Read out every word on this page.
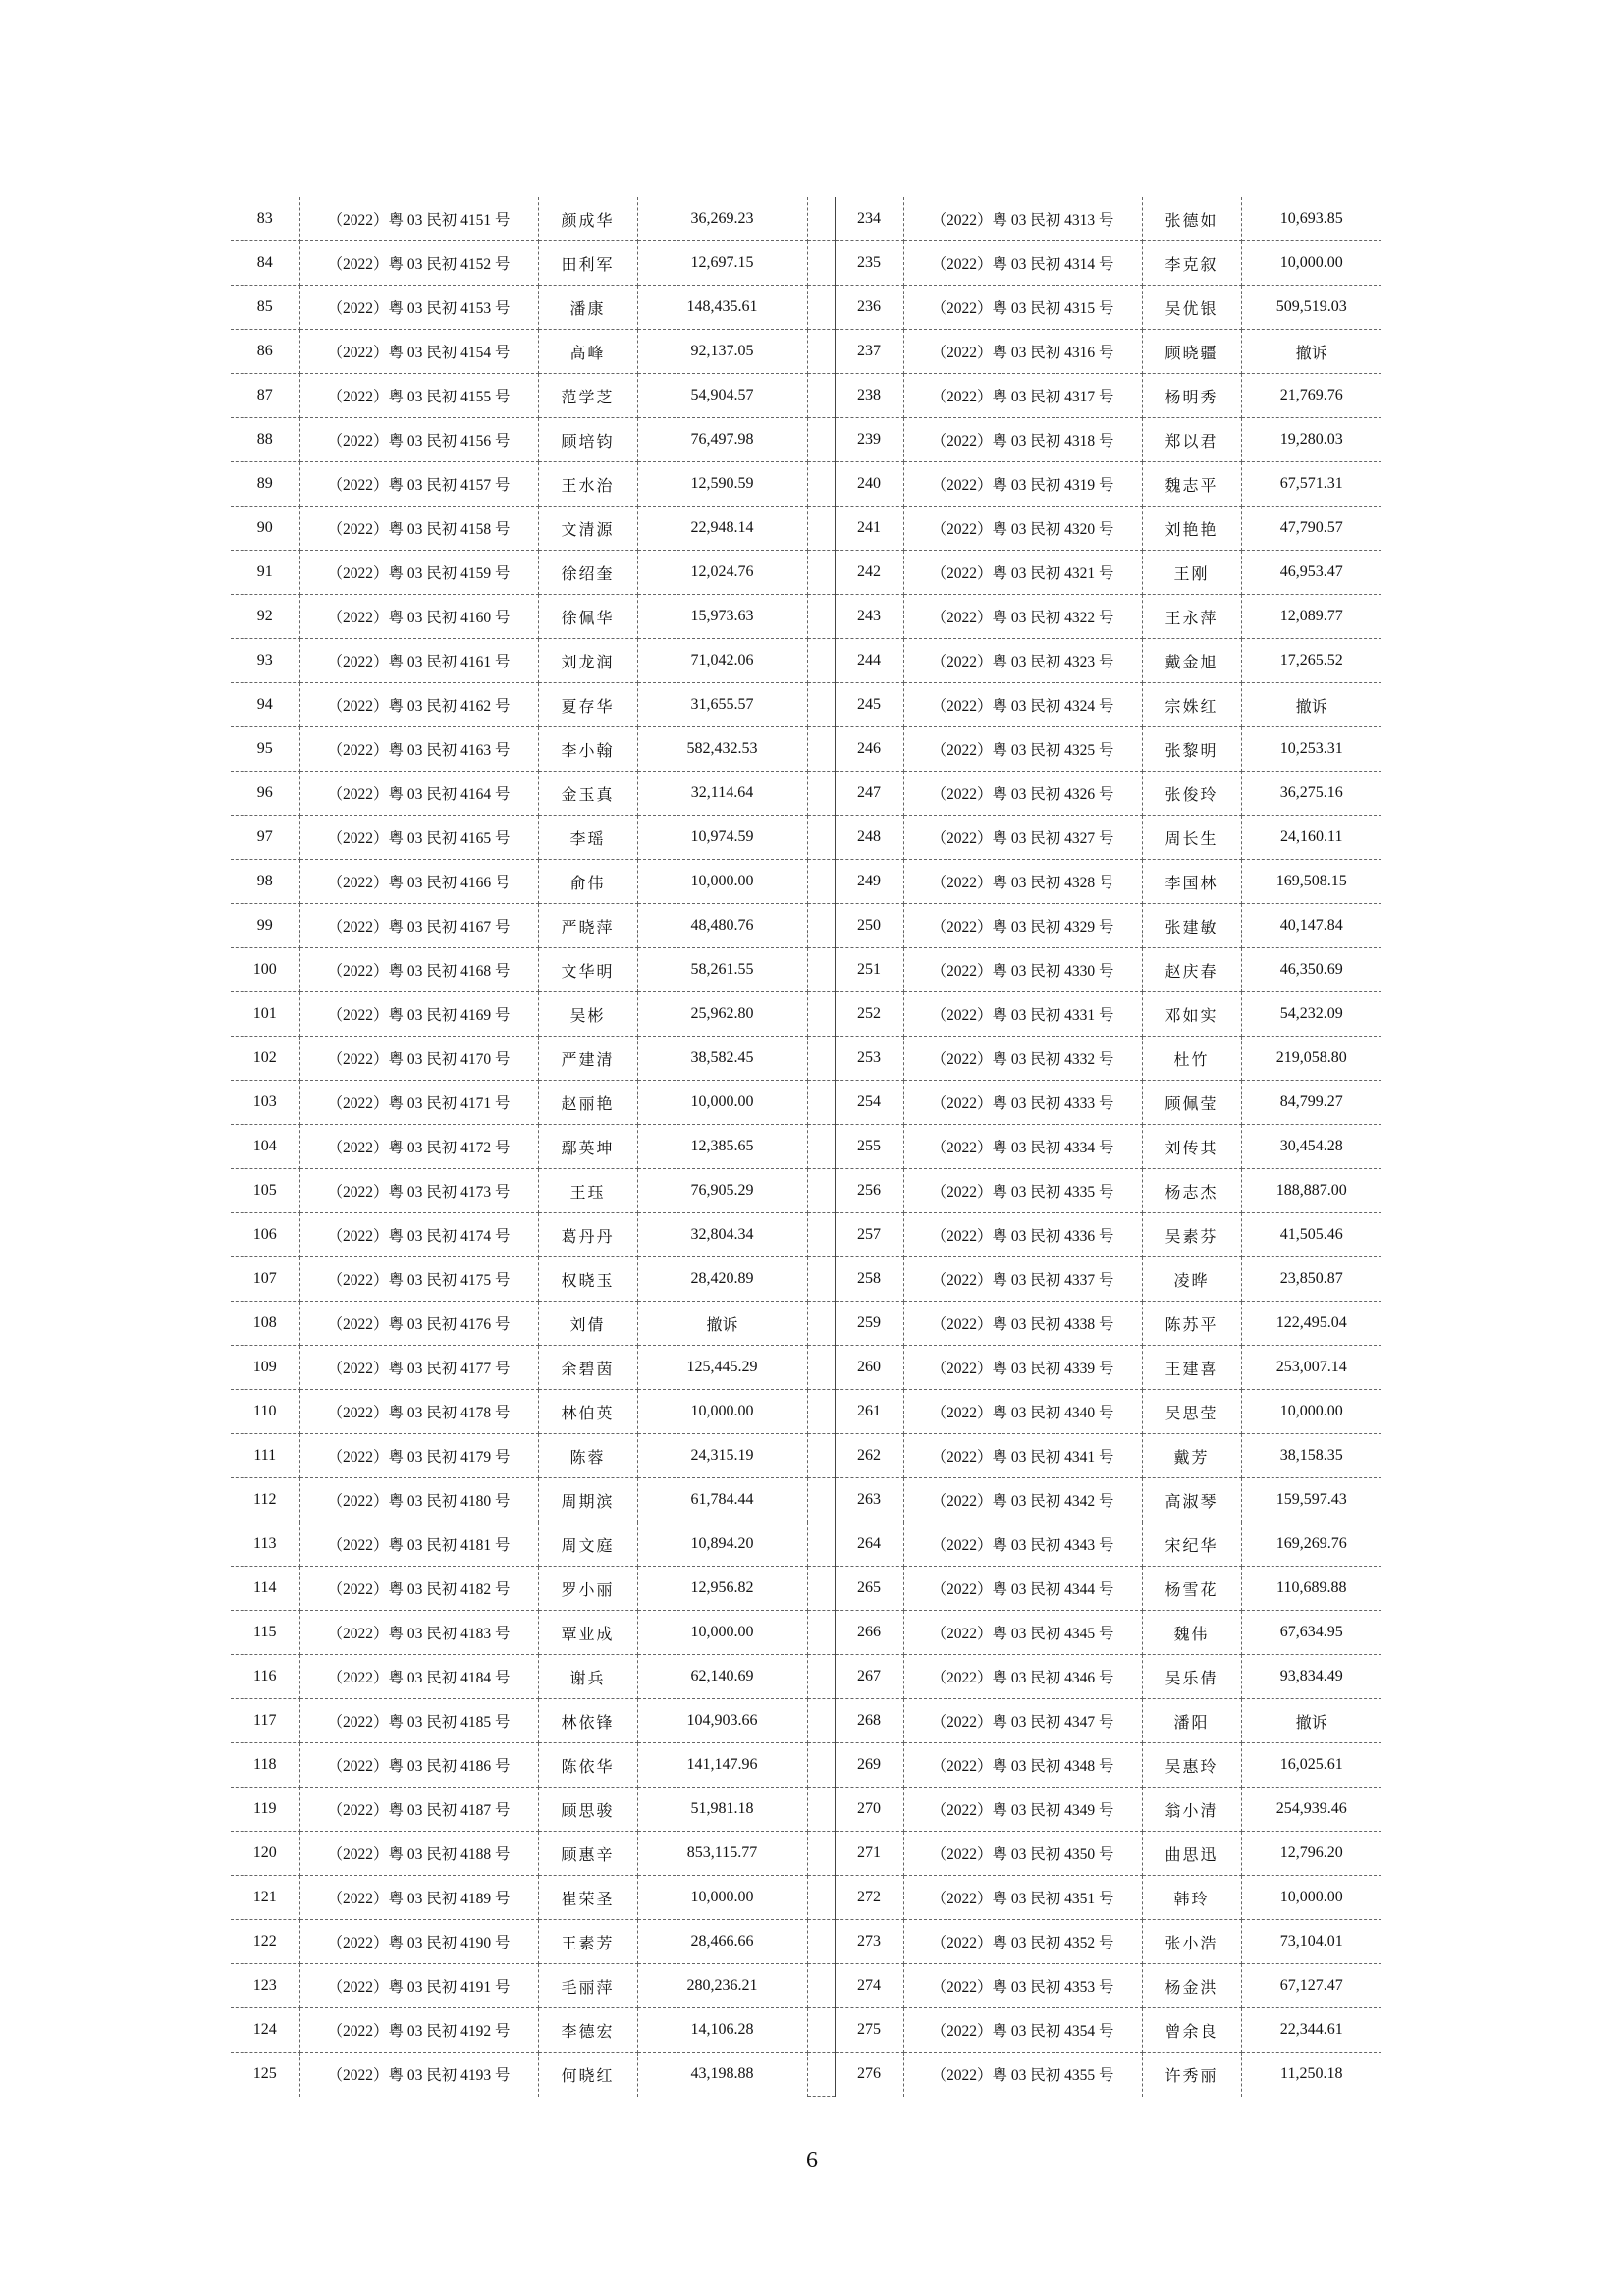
83	（2022）粤 03 民初 4151 号	颜成华	36,269.23		234	（2022）粤 03 民初 4313 号	张德如	10,693.85
84	（2022）粤 03 民初 4152 号	田利军	12,697.15		235	（2022）粤 03 民初 4314 号	李克叙	10,000.00
85	（2022）粤 03 民初 4153 号	潘康	148,435.61		236	（2022）粤 03 民初 4315 号	吴优银	509,519.03
86	（2022）粤 03 民初 4154 号	高峰	92,137.05		237	（2022）粤 03 民初 4316 号	顾晓疆	撤诉
87	（2022）粤 03 民初 4155 号	范学芝	54,904.57		238	（2022）粤 03 民初 4317 号	杨明秀	21,769.76
88	（2022）粤 03 民初 4156 号	顾培钧	76,497.98		239	（2022）粤 03 民初 4318 号	郑以君	19,280.03
89	（2022）粤 03 民初 4157 号	王水治	12,590.59		240	（2022）粤 03 民初 4319 号	魏志平	67,571.31
90	（2022）粤 03 民初 4158 号	文清源	22,948.14		241	（2022）粤 03 民初 4320 号	刘艳艳	47,790.57
91	（2022）粤 03 民初 4159 号	徐绍奎	12,024.76		242	（2022）粤 03 民初 4321 号	王刚	46,953.47
92	（2022）粤 03 民初 4160 号	徐佩华	15,973.63		243	（2022）粤 03 民初 4322 号	王永萍	12,089.77
93	（2022）粤 03 民初 4161 号	刘龙润	71,042.06		244	（2022）粤 03 民初 4323 号	戴金旭	17,265.52
94	（2022）粤 03 民初 4162 号	夏存华	31,655.57		245	（2022）粤 03 民初 4324 号	宗姝红	撤诉
95	（2022）粤 03 民初 4163 号	李小翰	582,432.53		246	（2022）粤 03 民初 4325 号	张黎明	10,253.31
96	（2022）粤 03 民初 4164 号	金玉真	32,114.64		247	（2022）粤 03 民初 4326 号	张俊玲	36,275.16
97	（2022）粤 03 民初 4165 号	李瑶	10,974.59		248	（2022）粤 03 民初 4327 号	周长生	24,160.11
98	（2022）粤 03 民初 4166 号	俞伟	10,000.00		249	（2022）粤 03 民初 4328 号	李国林	169,508.15
99	（2022）粤 03 民初 4167 号	严晓萍	48,480.76		250	（2022）粤 03 民初 4329 号	张建敏	40,147.84
100	（2022）粤 03 民初 4168 号	文华明	58,261.55		251	（2022）粤 03 民初 4330 号	赵庆春	46,350.69
101	（2022）粤 03 民初 4169 号	吴彬	25,962.80		252	（2022）粤 03 民初 4331 号	邓如实	54,232.09
102	（2022）粤 03 民初 4170 号	严建清	38,582.45		253	（2022）粤 03 民初 4332 号	杜竹	219,058.80
103	（2022）粤 03 民初 4171 号	赵丽艳	10,000.00		254	（2022）粤 03 民初 4333 号	顾佩莹	84,799.27
104	（2022）粤 03 民初 4172 号	鄢英坤	12,385.65		255	（2022）粤 03 民初 4334 号	刘传其	30,454.28
105	（2022）粤 03 民初 4173 号	王珏	76,905.29		256	（2022）粤 03 民初 4335 号	杨志杰	188,887.00
106	（2022）粤 03 民初 4174 号	葛丹丹	32,804.34		257	（2022）粤 03 民初 4336 号	吴素芬	41,505.46
107	（2022）粤 03 民初 4175 号	权晓玉	28,420.89		258	（2022）粤 03 民初 4337 号	凌晔	23,850.87
108	（2022）粤 03 民初 4176 号	刘倩	撤诉		259	（2022）粤 03 民初 4338 号	陈苏平	122,495.04
109	（2022）粤 03 民初 4177 号	余碧茵	125,445.29		260	（2022）粤 03 民初 4339 号	王建喜	253,007.14
110	（2022）粤 03 民初 4178 号	林伯英	10,000.00		261	（2022）粤 03 民初 4340 号	吴思莹	10,000.00
111	（2022）粤 03 民初 4179 号	陈蓉	24,315.19		262	（2022）粤 03 民初 4341 号	戴芳	38,158.35
112	（2022）粤 03 民初 4180 号	周期滨	61,784.44		263	（2022）粤 03 民初 4342 号	高淑琴	159,597.43
113	（2022）粤 03 民初 4181 号	周文庭	10,894.20		264	（2022）粤 03 民初 4343 号	宋纪华	169,269.76
114	（2022）粤 03 民初 4182 号	罗小丽	12,956.82		265	（2022）粤 03 民初 4344 号	杨雪花	110,689.88
115	（2022）粤 03 民初 4183 号	覃业成	10,000.00		266	（2022）粤 03 民初 4345 号	魏伟	67,634.95
116	（2022）粤 03 民初 4184 号	谢兵	62,140.69		267	（2022）粤 03 民初 4346 号	吴乐倩	93,834.49
117	（2022）粤 03 民初 4185 号	林依锋	104,903.66		268	（2022）粤 03 民初 4347 号	潘阳	撤诉
118	（2022）粤 03 民初 4186 号	陈依华	141,147.96		269	（2022）粤 03 民初 4348 号	吴惠玲	16,025.61
119	（2022）粤 03 民初 4187 号	顾思骏	51,981.18		270	（2022）粤 03 民初 4349 号	翁小清	254,939.46
120	（2022）粤 03 民初 4188 号	顾惠辛	853,115.77		271	（2022）粤 03 民初 4350 号	曲思迅	12,796.20
121	（2022）粤 03 民初 4189 号	崔荣圣	10,000.00		272	（2022）粤 03 民初 4351 号	韩玲	10,000.00
122	（2022）粤 03 民初 4190 号	王素芳	28,466.66		273	（2022）粤 03 民初 4352 号	张小浩	73,104.01
123	（2022）粤 03 民初 4191 号	毛丽萍	280,236.21		274	（2022）粤 03 民初 4353 号	杨金洪	67,127.47
124	（2022）粤 03 民初 4192 号	李德宏	14,106.28		275	（2022）粤 03 民初 4354 号	曾余良	22,344.61
125	（2022）粤 03 民初 4193 号	何晓红	43,198.88		276	（2022）粤 03 民初 4355 号	许秀丽	11,250.18
6
